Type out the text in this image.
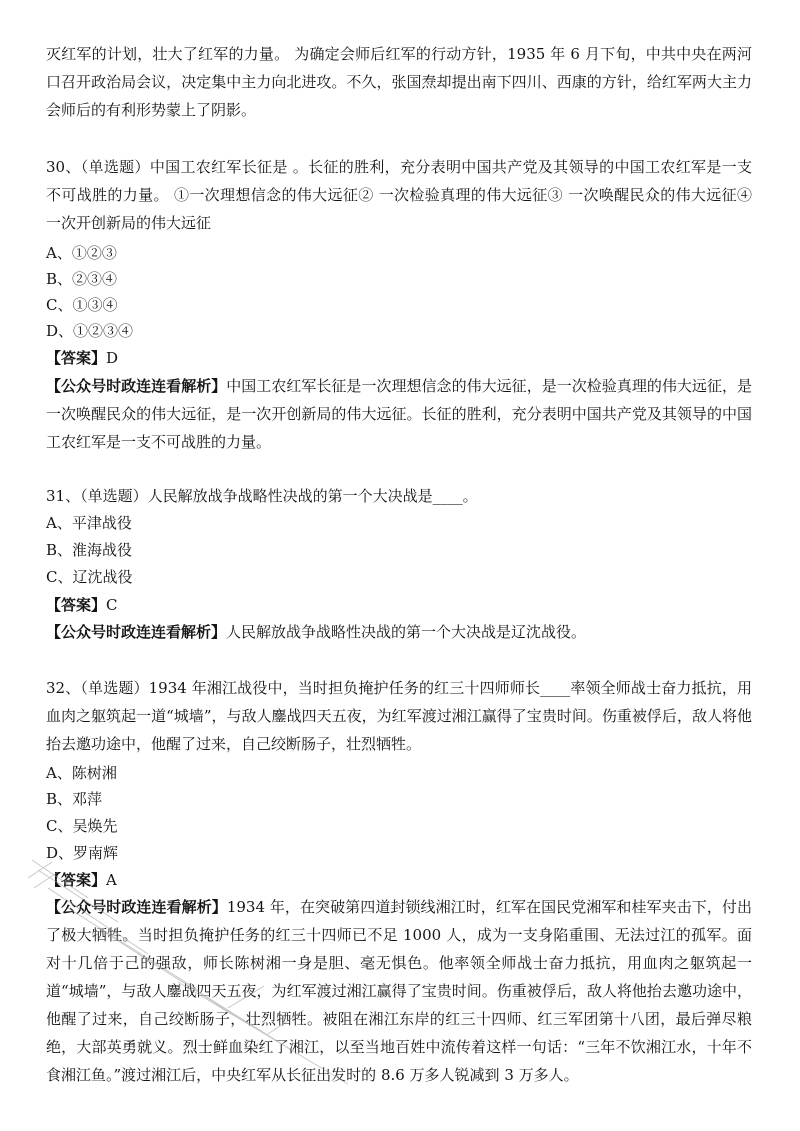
灭红军的计划，壮大了红军的力量。 为确定会师后红军的行动方针，1935 年 6 月下旬，中共中央在两河口召开政治局会议，决定集中主力向北进攻。不久，张国焘却提出南下四川、西康的方针，给红军两大主力会师后的有利形势蒙上了阴影。

30、（单选题）中国工农红军长征是 。长征的胜利，充分表明中国共产党及其领导的中国工农红军是一支不可战胜的力量。 ①一次理想信念的伟大远征② 一次检验真理的伟大远征③ 一次唤醒民众的伟大远征④ 一次开创新局的伟大远征

A、①②③
B、②③④
C、①③④
D、①②③④
【答案】D

【公众号时政连连看解析】中国工农红军长征是一次理想信念的伟大远征，是一次检验真理的伟大远征，是一次唤醒民众的伟大远征，是一次开创新局的伟大远征。长征的胜利，充分表明中国共产党及其领导的中国工农红军是一支不可战胜的力量。

31、（单选题）人民解放战争战略性决战的第一个大决战是____。
A、平津战役
B、淮海战役
C、辽沈战役
【答案】C
【公众号时政连连看解析】人民解放战争战略性决战的第一个大决战是辽沈战役。

32、（单选题）1934 年湘江战役中，当时担负掩护任务的红三十四师师长____率领全师战士奋力抵抗，用血肉之躯筑起一道“城墙”，与敌人鏖战四天五夜，为红军渡过湘江赢得了宝贵时间。伤重被俘后，敌人将他抬去邀功途中，他醒了过来，自己绞断肠子，壮烈牺牲。

A、陈树湘
B、邓萍
C、吴焕先
D、罗南辉
【答案】A

【公众号时政连连看解析】1934 年，在突破第四道封锁线湘江时，红军在国民党湘军和桂军夹击下，付出了极大牺牲。当时担负掩护任务的红三十四师已不足 1000 人，成为一支身陷重围、无法过江的孤军。面对十几倍于己的强敌，师长陈树湘一身是胆、毫无惧色。他率领全师战士奋力抵抗，用血肉之躯筑起一道“城墙”，与敌人鏖战四天五夜，为红军渡过湘江赢得了宝贵时间。伤重被俘后，敌人将他抬去邀功途中，他醒了过来，自己绞断肠子，壮烈牺牲。被阻在湘江东岸的红三十四师、红三军团第十八团，最后弹尽粮绝，大部英勇就义。烈士鲜血染红了湘江，以至当地百姓中流传着这样一句话：“三年不饮湘江水，十年不食湘江鱼。”渡过湘江后，中央红军从长征出发时的 8.6 万多人锐减到 3 万多人。
